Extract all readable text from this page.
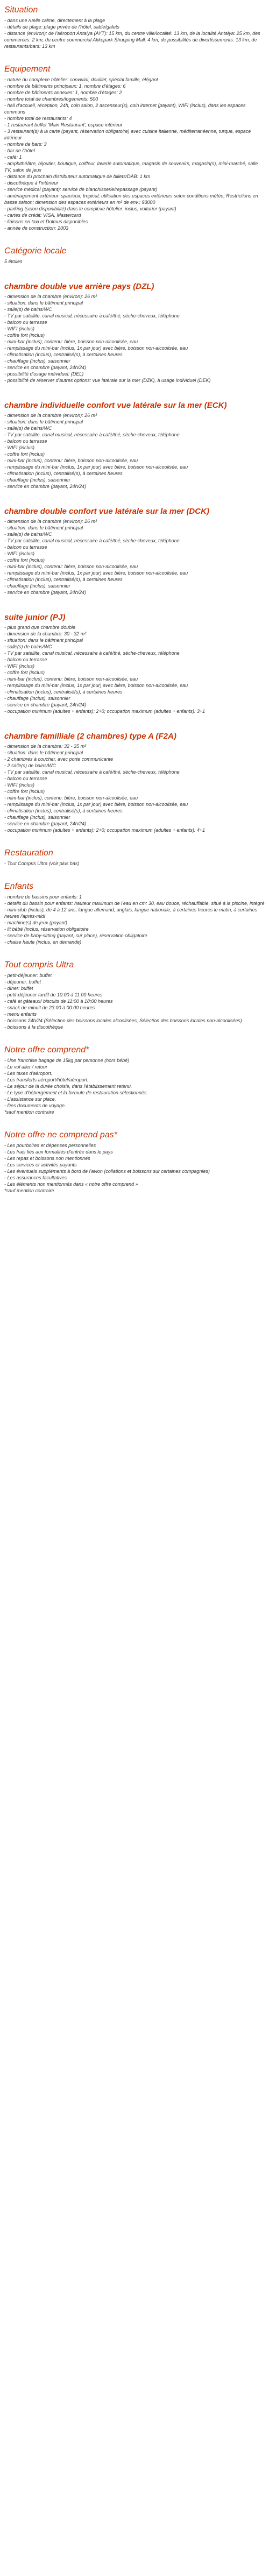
Situation

- dans une ruelle calme, directement à la plage

- détails de plage: plage privée de l'hôtel, sable/galets

- distance (environ): de l'aéroport Antalya (AYT): 15 km, du centre ville/localité: 13 km, de la localité Antalya: 25 km, des commerces: 2 km, du centre commercial Akkopark Shopping Mall: 4 km, de possibilités de divertissements: 13 km, de restaurants/bars: 13 km

Equipement

- nature du complexe hôtelier: convivial, douillet, spécial famille, élégant

- nombre de bâtiments principaux: 1, nombre d'étages: 6

- nombre de bâtiments annexes: 1, nombre d'étages: 2

- nombre total de chambres/logements: 500

- hall d'accueil, réception, 24h, coin salon, 2 ascenseur(s), coin internet (payant), WIFI (inclus), dans les espaces communs

- nombre total de restaurants: 4

- 1 restaurant buffet 'Main Restaurant', espace intérieur

- 3 restaurant(s) à la carte (payant, réservation obligatoire) avec cuisine italienne, méditerranéenne, turque, espace intérieur

- nombre de bars: 3

- bar de l'hôtel

- café: 1

- amphithéâtre, bijoutier, boutique, coiffeur, laverie automatique, magasin de souvenirs, magasin(s), mini-marché, salle TV, salon de jeux

- distance du prochain distributeur automatique de billets/DAB: 1 km

- discothèque à l'intérieur

- service médical (payant): service de blanchisserie/repassage (payant)

- aménagement extérieur: spacieux, tropical; utilisation des espaces extérieurs selon conditions météo; Restrictions en basse saison; dimension des espaces extérieurs en m² de env.: 93000

- parking (selon disponibilité) dans le complexe hôtelier: inclus, voiturier (payant)

- cartes de crédit: VISA, Mastercard

- liaisons en taxi et Dolmus disponibles

- année de construction: 2003

Catégorie locale

5 étoiles

chambre double vue arrière pays (DZL)

- dimension de la chambre (environ): 26 m²

- situation: dans le bâtiment principal

- salle(s) de bains/WC

- TV par satellite, canal musical, nécessaire à café/thé, sèche-cheveux, téléphone

- balcon ou terrasse

- WIFI (inclus)

- coffre fort (inclus)

- mini-bar (inclus), contenu: bière, boisson non-alcoolisée, eau

- remplissage du mini-bar (inclus, 1x par jour) avec bière, boisson non-alcoolisée, eau

- climatisation (inclus), centralisé(s), à certaines heures

- chauffage (inclus), saisonnier

- service en chambre (payant, 24h/24)

- possibilité d'usage individuel: (DEL)

- possibilité de réserver d'autres options: vue latérale sur la mer (DZK), à usage individuel (DEK)

chambre individuelle confort vue latérale sur la mer (ECK)

- dimension de la chambre (environ): 26 m²

- situation: dans le bâtiment principal

- salle(s) de bains/WC

- TV par satellite, canal musical, nécessaire à café/thé, sèche-cheveux, téléphone

- balcon ou terrasse

- WIFI (inclus)

- coffre fort (inclus)

- mini-bar (inclus), contenu: bière, boisson non-alcoolisée, eau

- remplissage du mini-bar (inclus, 1x par jour) avec bière, boisson non-alcoolisée, eau

- climatisation (inclus), centralisé(s), à certaines heures

- chauffage (inclus), saisonnier

- service en chambre (payant, 24h/24)

chambre double confort vue latérale sur la mer (DCK)

- dimension de la chambre (environ): 26 m²

- situation: dans le bâtiment principal

- salle(s) de bains/WC

- TV par satellite, canal musical, nécessaire à café/thé, sèche-cheveux, téléphone

- balcon ou terrasse

- WIFI (inclus)

- coffre fort (inclus)

- mini-bar (inclus), contenu: bière, boisson non-alcoolisée, eau

- remplissage du mini-bar (inclus, 1x par jour) avec bière, boisson non-alcoolisée, eau

- climatisation (inclus), centralisé(s), à certaines heures

- chauffage (inclus), saisonnier

- service en chambre (payant, 24h/24)

suite junior (PJ)

- plus grand que chambre double

- dimension de la chambre: 30 - 32 m²

- situation: dans le bâtiment principal

- salle(s) de bains/WC

- TV par satellite, canal musical, nécessaire à café/thé, sèche-cheveux, téléphone

- balcon ou terrasse

- WIFI (inclus)

- coffre fort (inclus)

- mini-bar (inclus), contenu: bière, boisson non-alcoolisée, eau

- remplissage du mini-bar (inclus, 1x par jour) avec bière, boisson non-alcoolisée, eau

- climatisation (inclus), centralisé(s), à certaines heures

- chauffage (inclus), saisonnier

- service en chambre (payant, 24h/24)

- occupation minimum (adultes + enfants): 2+0; occupation maximum (adultes + enfants): 3+1

chambre familliale (2 chambres) type A (F2A)

- dimension de la chambre: 32 - 35 m²

- situation: dans le bâtiment principal

- 2 chambres à coucher, avec porte communicante

- 2 salle(s) de bains/WC

- TV par satellite, canal musical, nécessaire à café/thé, sèche-cheveux, téléphone

- balcon ou terrasse

- WIFI (inclus)

- coffre fort (inclus)

- mini-bar (inclus), contenu: bière, boisson non-alcoolisée, eau

- remplissage du mini-bar (inclus, 1x par jour) avec bière, boisson non-alcoolisée, eau

- climatisation (inclus), centralisé(s), à certaines heures

- chauffage (inclus), saisonnier

- service en chambre (payant, 24h/24)

- occupation minimum (adultes + enfants): 2+0; occupation maximum (adultes + enfants): 4+1

Restauration

- Tout Compris Ultra (voir plus bas)

Enfants

- nombre de bassins pour enfants: 1

- détails du bassin pour enfants: hauteur maximum de l'eau en cm: 30, eau douce, réchauffable, situé à la piscine, intégré

- mini-club (inclus), de 4 à 12 ans, langue allemand, anglais, langue nationale, à certaines heures le matin, à certaines heures l'après-midi

- machine(s) de jeux (payant)

- lit bébé (inclus, réservation obligatoire

- service de baby-sitting (payant, sur place), réservation obligatoire

- chaise haute (inclus, en demande)

Tout compris Ultra

- petit-déjeuner: buffet

- déjeuner: buffet

- dîner: buffet

- petit-déjeuner tardif de 10:00 à 11:00 heures

- café et gâteaux/ biscuits de 11:00 à 18:00 heures

- snack de minuit de 23:00 à 00:00 heures

- menu enfants

- boissons 24h/24 (Sélection des boissons locales alcoolisées, Sélection des boissons locales non-alcoolisées)

- boissons à la discothèque

Notre offre comprend*

- Une franchise bagage de 15kg par personne (hors bébé)

- Le vol aller / retour

- Les taxes d'aéroport.

- Les transferts aéroport/hôtel/aéroport.

- Le séjour de la durée choisie, dans l'établissement retenu.

- Le type d'hébergement et la formule de restauration sélectionnés.

- L'assistance sur place.

- Des documents de voyage.

*sauf mention contraire

Notre offre ne comprend pas*

- Les pourboires et dépenses personnelles

- Les frais liés aux formalités d'entrée dans le pays

- Les repas et boissons non mentionnés

- Les services et activités payants

- Les éventuels suppléments à bord de l'avion (collations et boissons sur certaines compagnies)

- Les assurances facultatives

- Les éléments non mentionnés dans « notre offre comprend »

*sauf mention contraire
